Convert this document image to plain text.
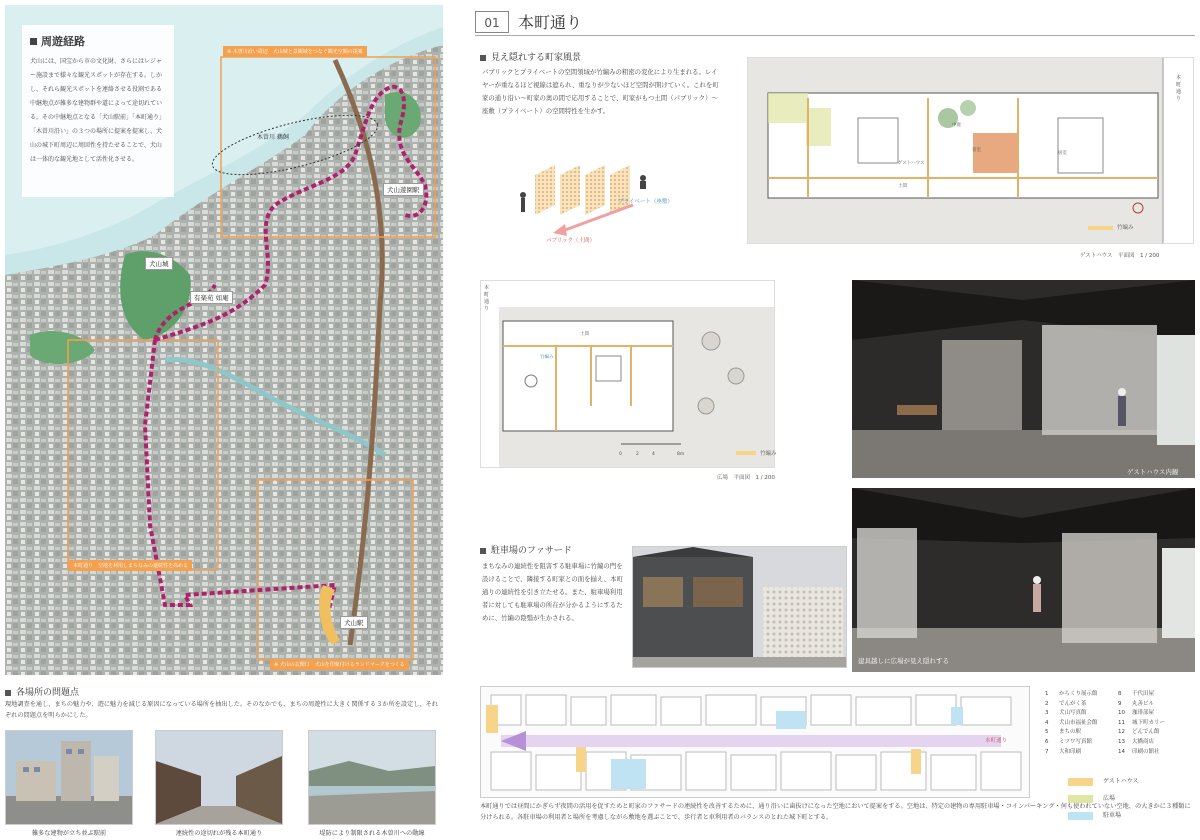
周遊経路

犬山には、国宝から市の文化財、さらにはレジャー施設まで様々な観光スポットが存在する。しかし、それら観光スポットを連絡させる役割である中継地点が雑多な建物群や道によって途切れている。その中継地点となる「犬山駅前」「本町通り」「木曽川沿い」の３つの場所に提案を提案し、犬山の城下町周辺に周回性を持たせることで、犬山は一体的な観光地として活性化させる。

※ 木曽川沿い周辺　犬山城と景観域をつなぐ観光空間の提案
本町通り　空地を利用しまちなみの連続性を高める
※ 犬山の玄関口　犬山を印象付けるランドマークをつくる
犬山城
有楽苑 如庵
木曽川 鵜飼
犬山遊園駅
犬山駅
各場所の問題点
現地調査を通し、まちの魅力や、遊に魅力を減じる原因になっている場所を抽出した。そのなかでも、まちの周遊性に大きく関係する３か所を設定し、それぞれの問題点を明らかにした。
雑多な建物が立ち並ぶ駅前	連続性の途切れが残る本町通り	堤防により制限される木曽川への動線
01	本町通り
見え隠れする町家風景
パブリックとプライベートの空間領域が竹編みの粗密の変化により生まれる。レイヤーが重なるほど視線は遮られ、重なりが少ないほど空間が開けていく。これを町家の通り沿い〜町家の奥の間で応用することで、町家がもつ土間（パブリック）〜座敷（プライベート）の空間特性を生かす。
プライベート（座敷）
パブリック（土間）
本町通り
竹編み
ゲストハウス　平面図　1 / 200
ゲストハウス
客室
居室
土間
中庭
本町通り
土間
竹編み
0	2	4	8m	竹編み
広場　平面図　1 / 200
ゲストハウス内観
建具越しに広場が見え隠れする
駐車場のファサード
まちなみの連続性を阻害する駐車場に竹編の門を設けることで、隣接する町家との面を揃え、本町通りの連続性を引き立たせる。また、駐車場利用者に対しても駐車場の所在が分かるようにするために、竹編の陰翳が生かされる。
本町通り
本町通りでは昼間にかぎらず夜間の活用を促すためと町家のファサードの連続性を改善するために、通り沿いに歯抜けになった空地において提案をする。空地は、特定の建物の専用駐車場・コインパーキング・何も使われていない空地、の大きかに３種類に分けられる。各駐車場の利用者と場所を考慮しながら敷地を選ぶことで、歩行者と車利用者のバランスのとれた城下町とする。
1 からくり展示館
2 でんがく茶
3 犬山写真館
4 犬山市福祉会館
5 まちの駅
6 ミツワ写真館
7 大和印刷
8 千代田屋
9 丸善ビル
10 珈琲部屋
11 城下町カリー
12 どんでん館
13 大橋商店
14 印刷の館社
ゲストハウス
広場
駐車場
